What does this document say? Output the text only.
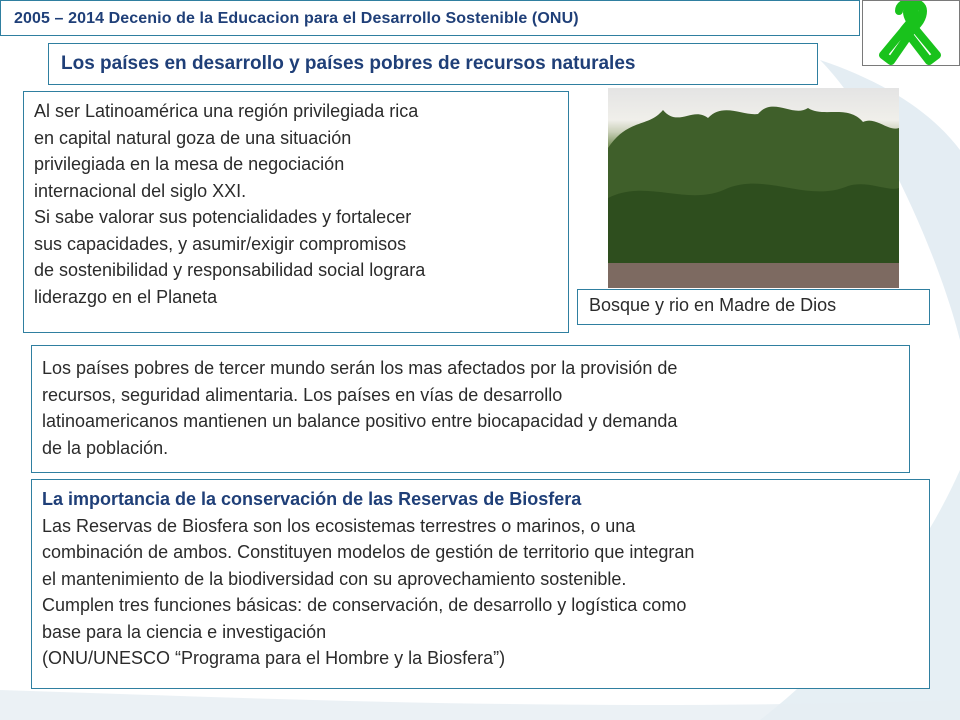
2005 – 2014 Decenio de la Educacion para el Desarrollo Sostenible (ONU)
Los países en desarrollo y países pobres de recursos naturales
Al ser Latinoamérica una región privilegiada rica
en capital natural goza de una situación
privilegiada en la mesa de negociación
internacional del siglo XXI.
Si sabe valorar sus potencialidades y fortalecer
sus capacidades, y asumir/exigir compromisos
de sostenibilidad y responsabilidad social lograra
liderazgo en el Planeta	Bosque y rio en Madre de Dios
Los países pobres de tercer mundo serán los mas afectados por la provisión de
recursos, seguridad alimentaria. Los países en vías de desarrollo
latinoamericanos mantienen un balance positivo entre biocapacidad y demanda
de la población.
La importancia de la conservación de las Reservas de Biosfera
Las Reservas de Biosfera son los ecosistemas terrestres o marinos, o una
combinación de ambos. Constituyen modelos de gestión de territorio que integran
el mantenimiento de la biodiversidad con su aprovechamiento sostenible.
Cumplen tres funciones básicas: de conservación, de desarrollo y logística como
base para la ciencia e investigación
(ONU/UNESCO “Programa para el Hombre y la Biosfera”)
